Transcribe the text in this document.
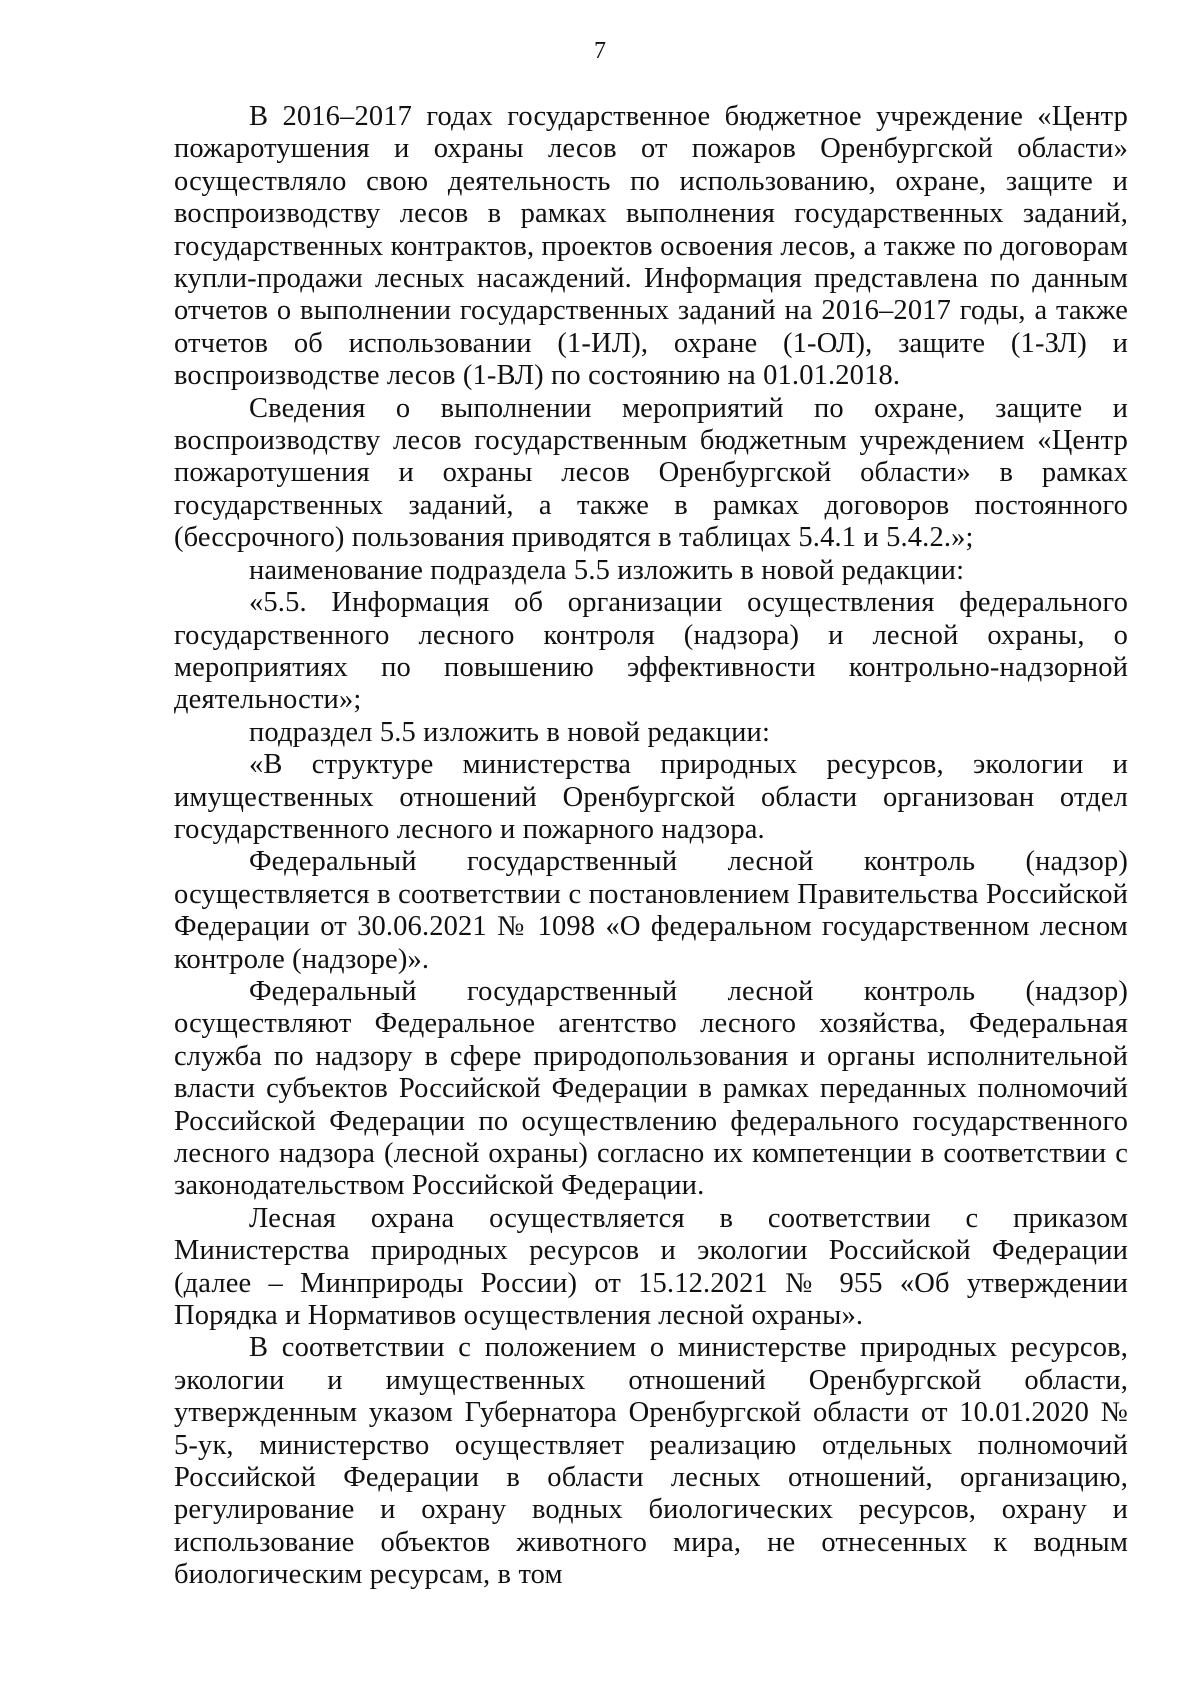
7

В 2016–2017 годах государственное бюджетное учреждение «Центр пожаротушения и охраны лесов от пожаров Оренбургской области» осуществляло свою деятельность по использованию, охране, защите и воспроизводству лесов в рамках выполнения государственных заданий, государственных контрактов, проектов освоения лесов, а также по договорам купли-продажи лесных насаждений. Информация представлена по данным отчетов о выполнении государственных заданий на 2016–2017 годы, а также отчетов об использовании (1-ИЛ), охране (1-ОЛ), защите (1-ЗЛ) и воспроизводстве лесов (1-ВЛ) по состоянию на 01.01.2018.

Сведения о выполнении мероприятий по охране, защите и воспроизводству лесов государственным бюджетным учреждением «Центр пожаротушения и охраны лесов Оренбургской области» в рамках государственных заданий, а также в рамках договоров постоянного (бессрочного) пользования приводятся в таблицах 5.4.1 и 5.4.2.»;

наименование подраздела 5.5 изложить в новой редакции:

«5.5. Информация об организации осуществления федерального государственного лесного контроля (надзора) и лесной охраны, о мероприятиях по повышению эффективности контрольно-надзорной деятельности»;

подраздел 5.5 изложить в новой редакции:

«В структуре министерства природных ресурсов, экологии и имущественных отношений Оренбургской области организован отдел государственного лесного и пожарного надзора.

Федеральный государственный лесной контроль (надзор) осуществляется в соответствии с постановлением Правительства Российской Федерации от 30.06.2021 № 1098 «О федеральном государственном лесном контроле (надзоре)».

Федеральный государственный лесной контроль (надзор) осуществляют Федеральное агентство лесного хозяйства, Федеральная служба по надзору в сфере природопользования и органы исполнительной власти субъектов Российской Федерации в рамках переданных полномочий Российской Федерации по осуществлению федерального государственного лесного надзора (лесной охраны) согласно их компетенции в соответствии с законодательством Российской Федерации.

Лесная охрана осуществляется в соответствии с приказом Министерства природных ресурсов и экологии Российской Федерации (далее – Минприроды России) от 15.12.2021 № 955 «Об утверждении Порядка и Нормативов осуществления лесной охраны».

В соответствии с положением о министерстве природных ресурсов, экологии и имущественных отношений Оренбургской области, утвержденным указом Губернатора Оренбургской области от 10.01.2020 № 5-ук, министерство осуществляет реализацию отдельных полномочий Российской Федерации в области лесных отношений, организацию, регулирование и охрану водных биологических ресурсов, охрану и использование объектов животного мира, не отнесенных к водным биологическим ресурсам, в том
